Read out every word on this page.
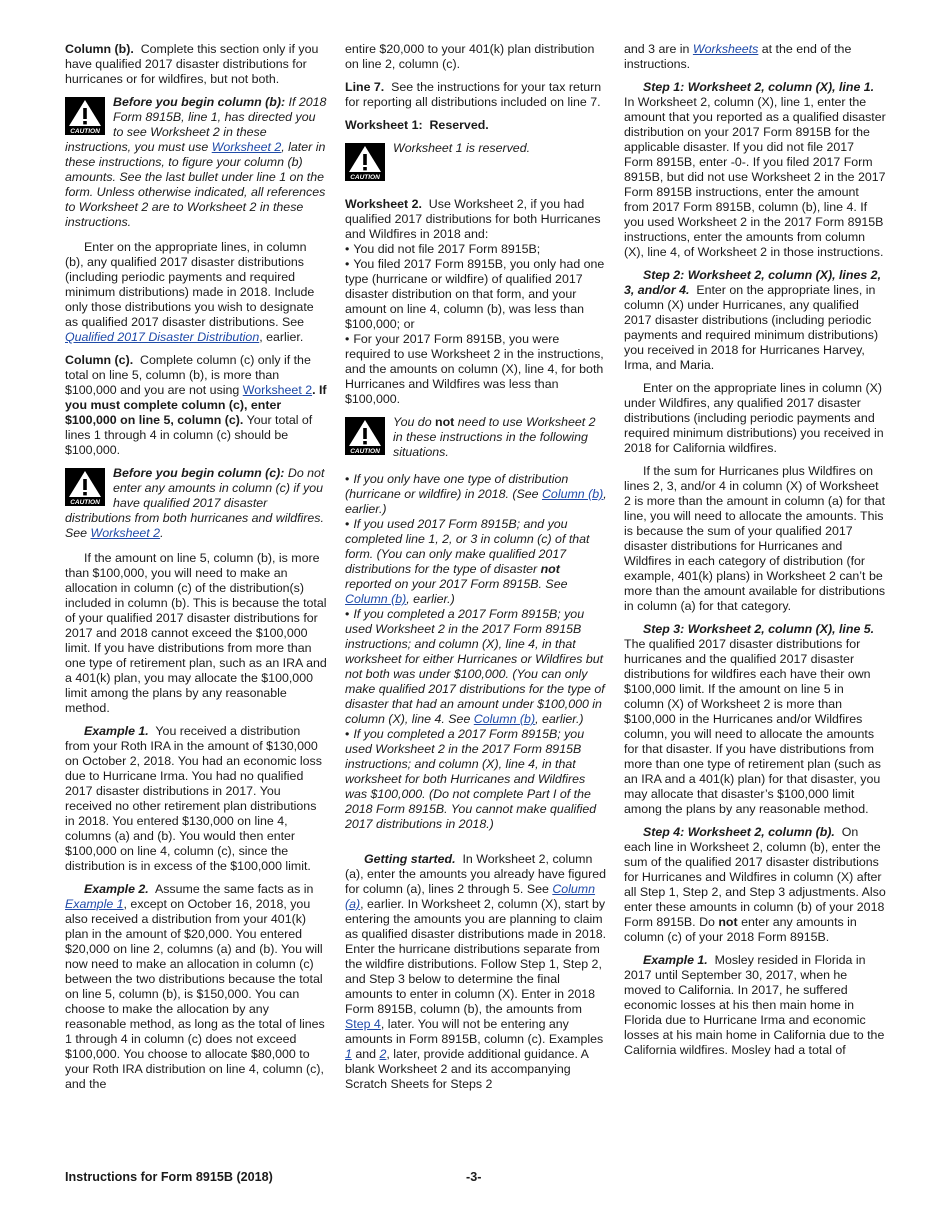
Column (b). Complete this section only if you have qualified 2017 disaster distributions for hurricanes or for wildfires, but not both.

CAUTION
Before you begin column (b): If 2018 Form 8915B, line 1, has directed you to see Worksheet 2 in these instructions, you must use Worksheet 2, later in these instructions, to figure your column (b) amounts. See the last bullet under line 1 on the form. Unless otherwise indicated, all references to Worksheet 2 are to Worksheet 2 in these instructions.

Enter on the appropriate lines, in column (b), any qualified 2017 disaster distributions (including periodic payments and required minimum distributions) made in 2018. Include only those distributions you wish to designate as qualified 2017 disaster distributions. See Qualified 2017 Disaster Distribution, earlier.

Column (c). Complete column (c) only if the total on line 5, column (b), is more than $100,000 and you are not using Worksheet 2. If you must complete column (c), enter $100,000 on line 5, column (c). Your total of lines 1 through 4 in column (c) should be $100,000.

CAUTION
Before you begin column (c): Do not enter any amounts in column (c) if you have qualified 2017 disaster distributions from both hurricanes and wildfires. See Worksheet 2.

If the amount on line 5, column (b), is more than $100,000, you will need to make an allocation in column (c) of the distribution(s) included in column (b). This is because the total of your qualified 2017 disaster distributions for 2017 and 2018 cannot exceed the $100,000 limit. If you have distributions from more than one type of retirement plan, such as an IRA and a 401(k) plan, you may allocate the $100,000 limit among the plans by any reasonable method.

Example 1. You received a distribution from your Roth IRA in the amount of $130,000 on October 2, 2018. You had an economic loss due to Hurricane Irma. You had no qualified 2017 disaster distributions in 2017. You received no other retirement plan distributions in 2018. You entered $130,000 on line 4, columns (a) and (b). You would then enter $100,000 on line 4, column (c), since the distribution is in excess of the $100,000 limit.

Example 2. Assume the same facts as in Example 1, except on October 16, 2018, you also received a distribution from your 401(k) plan in the amount of $20,000. You entered $20,000 on line 2, columns (a) and (b). You will now need to make an allocation in column (c) between the two distributions because the total on line 5, column (b), is $150,000. You can choose to make the allocation by any reasonable method, as long as the total of lines 1 through 4 in column (c) does not exceed $100,000. You choose to allocate $80,000 to your Roth IRA distribution on line 4, column (c), and the

entire $20,000 to your 401(k) plan distribution on line 2, column (c).

Line 7. See the instructions for your tax return for reporting all distributions included on line 7.

Worksheet 1: Reserved.

CAUTION
Worksheet 1 is reserved.

Worksheet 2. Use Worksheet 2, if you had qualified 2017 distributions for both Hurricanes and Wildfires in 2018 and:

• You did not file 2017 Form 8915B;
• You filed 2017 Form 8915B, you only had one type (hurricane or wildfire) of qualified 2017 disaster distribution on that form, and your amount on line 4, column (b), was less than $100,000; or
• For your 2017 Form 8915B, you were required to use Worksheet 2 in the instructions, and the amounts on column (X), line 4, for both Hurricanes and Wildfires was less than $100,000.
CAUTION
You do not need to use Worksheet 2 in these instructions in the following situations.
• If you only have one type of distribution (hurricane or wildfire) in 2018. (See Column (b), earlier.)
• If you used 2017 Form 8915B; and you completed line 1, 2, or 3 in column (c) of that form. (You can only make qualified 2017 distributions for the type of disaster not reported on your 2017 Form 8915B. See Column (b), earlier.)
• If you completed a 2017 Form 8915B; you used Worksheet 2 in the 2017 Form 8915B instructions; and column (X), line 4, in that worksheet for either Hurricanes or Wildfires but not both was under $100,000. (You can only make qualified 2017 distributions for the type of disaster that had an amount under $100,000 in column (X), line 4. See Column (b), earlier.)
• If you completed a 2017 Form 8915B; you used Worksheet 2 in the 2017 Form 8915B instructions; and column (X), line 4, in that worksheet for both Hurricanes and Wildfires was $100,000. (Do not complete Part I of the 2018 Form 8915B. You cannot make qualified 2017 distributions in 2018.)

Getting started. In Worksheet 2, column (a), enter the amounts you already have figured for column (a), lines 2 through 5. See Column (a), earlier. In Worksheet 2, column (X), start by entering the amounts you are planning to claim as qualified disaster distributions made in 2018. Enter the hurricane distributions separate from the wildfire distributions. Follow Step 1, Step 2, and Step 3 below to determine the final amounts to enter in column (X). Enter in 2018 Form 8915B, column (b), the amounts from Step 4, later. You will not be entering any amounts in Form 8915B, column (c). Examples 1 and 2, later, provide additional guidance. A blank Worksheet 2 and its accompanying Scratch Sheets for Steps 2

and 3 are in Worksheets at the end of the instructions.

Step 1: Worksheet 2, column (X), line 1.  In Worksheet 2, column (X), line 1, enter the amount that you reported as a qualified disaster distribution on your 2017 Form 8915B for the applicable disaster. If you did not file 2017 Form 8915B, enter -0-. If you filed 2017 Form 8915B, but did not use Worksheet 2 in the 2017 Form 8915B instructions, enter the amount from 2017 Form 8915B, column (b), line 4. If you used Worksheet 2 in the 2017 Form 8915B instructions, enter the amounts from column (X), line 4, of Worksheet 2 in those instructions.

Step 2: Worksheet 2, column (X), lines 2, 3, and/or 4. Enter on the appropriate lines, in column (X) under Hurricanes, any qualified 2017 disaster distributions (including periodic payments and required minimum distributions) you received in 2018 for Hurricanes Harvey, Irma, and Maria.

Enter on the appropriate lines in column (X) under Wildfires, any qualified 2017 disaster distributions (including periodic payments and required minimum distributions) you received in 2018 for California wildfires.

If the sum for Hurricanes plus Wildfires on lines 2, 3, and/or 4 in column (X) of Worksheet 2 is more than the amount in column (a) for that line, you will need to allocate the amounts. This is because the sum of your qualified 2017 disaster distributions for Hurricanes and Wildfires in each category of distribution (for example, 401(k) plans) in Worksheet 2 can’t be more than the amount available for distributions in column (a) for that category.

Step 3: Worksheet 2, column (X), line 5.  The qualified 2017 disaster distributions for hurricanes and the qualified 2017 disaster distributions for wildfires each have their own $100,000 limit. If the amount on line 5 in column (X) of Worksheet 2 is more than $100,000 in the Hurricanes and/or Wildfires column, you will need to allocate the amounts for that disaster. If you have distributions from more than one type of retirement plan (such as an IRA and a 401(k) plan) for that disaster, you may allocate that disaster’s $100,000 limit among the plans by any reasonable method.

Step 4: Worksheet 2, column (b). On each line in Worksheet 2, column (b), enter the sum of the qualified 2017 disaster distributions for Hurricanes and Wildfires in column (X) after all Step 1, Step 2, and Step 3 adjustments. Also enter these amounts in column (b) of your 2018 Form 8915B. Do not enter any amounts in column (c) of your 2018 Form 8915B.

Example 1. Mosley resided in Florida in 2017 until September 30, 2017, when he moved to California. In 2017, he suffered economic losses at his then main home in Florida due to Hurricane Irma and economic losses at his main home in California due to the California wildfires. Mosley had a total of

Instructions for Form 8915B (2018)	-3-
